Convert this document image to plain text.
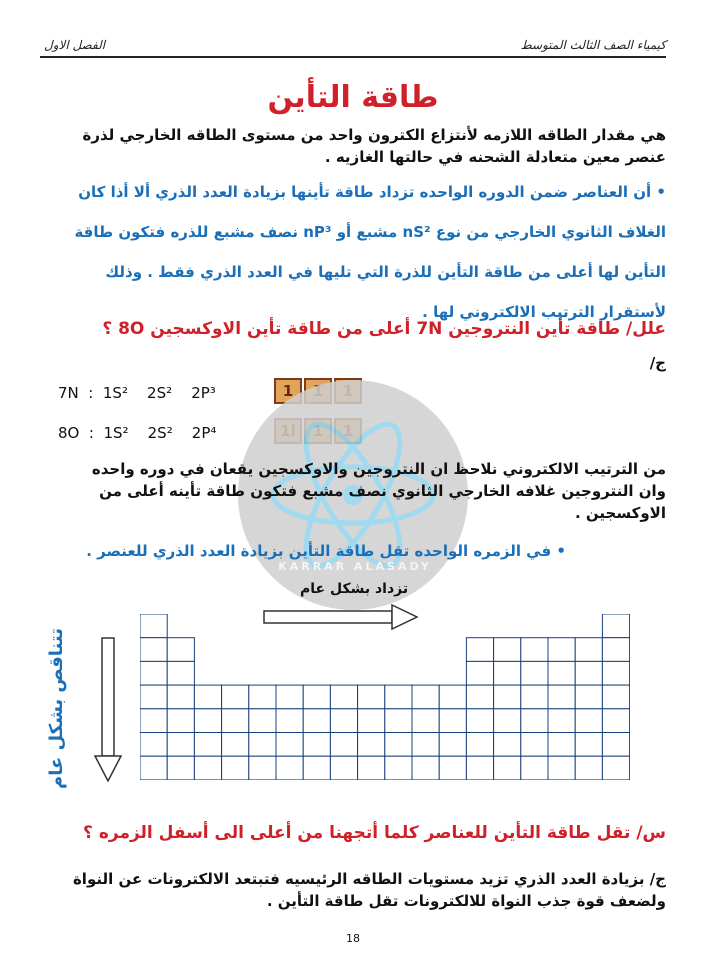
الفصل الاول	كيمياء الصف الثالث المتوسط
طاقة التأين
هي مقدار الطاقه اللازمه لأنتزاع الكترون واحد من مستوى الطاقه الخارجي لذرة عنصر معين متعادلة الشحنه في حالتها الغازيه .
• أن العناصر ضمن الدوره الواحده تزداد طاقة تأينها بزيادة العدد الذري ألا أذا كان الغلاف الثانوي الخارجي من نوع nS² مشبع أو nP³ نصف مشبع للذره فتكون طاقة التأين لها أعلى من طاقة التأين للذرة التي تليها في العدد الذري فقط . وذلك لأستقرار الترتيب الالكتروني لها .
علل/ طاقة تأين النتروجين 7N أعلى من طاقة تأين الاوكسجين 8O ؟
ج/
7N  :  1S²    2S²    2P³	1
8O  :  1S²    2S²    2P⁴
KARRAR ALASADY
من الترتيب الالكتروني نلاحظ ان النتروجين والاوكسجين يقعان في دوره واحده وان النتروجين غلافه الخارجي الثانوي نصف مشبع فتكون طاقة تأينه أعلى من الاوكسجين .
• في الزمره الواحده تقل طاقة التأين بزيادة العدد الذري للعنصر .
تزداد بشكل عام
تتناقص بشكل عام
س/ تقل طاقة التأين للعناصر كلما أتجهنا من أعلى الى أسفل الزمره ؟
ج/ بزيادة العدد الذري تزيد مستويات الطاقه الرئيسيه فتبتعد الالكترونات عن النواة ولضعف قوة جذب النواة للالكترونات تقل طاقة التأين .
18
